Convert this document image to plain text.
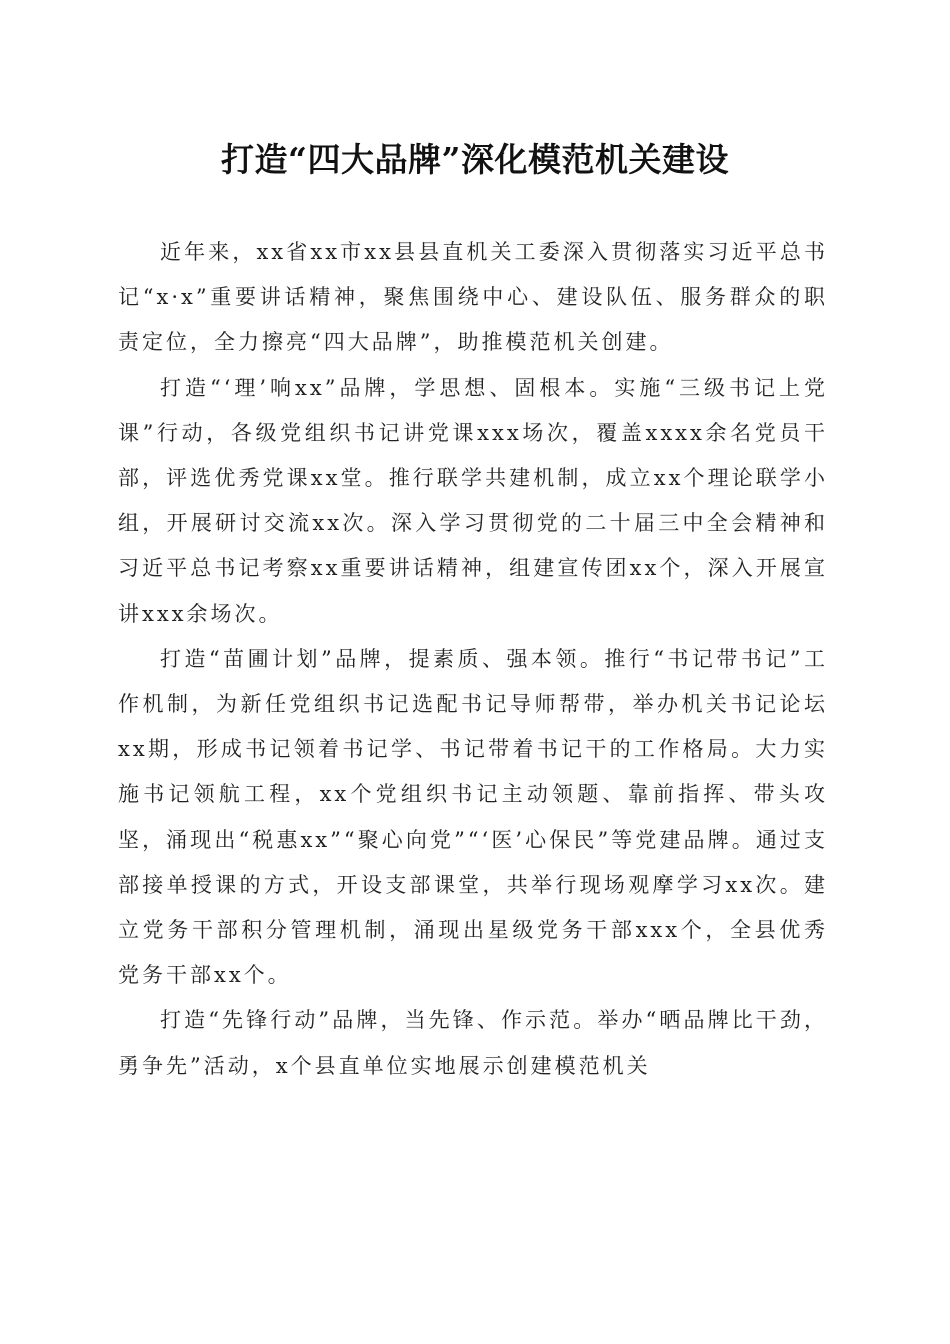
打造“四大品牌”深化模范机关建设

近年来，xx省xx市xx县县直机关工委深入贯彻落实习近平总书记“x·x”重要讲话精神，聚焦围绕中心、建设队伍、服务群众的职责定位，全力擦亮“四大品牌”，助推模范机关创建。

打造“‘理’响xx”品牌，学思想、固根本。实施“三级书记上党课”行动，各级党组织书记讲党课xxx场次，覆盖xxxx余名党员干部，评选优秀党课xx堂。推行联学共建机制，成立xx个理论联学小组，开展研讨交流xx次。深入学习贯彻党的二十届三中全会精神和习近平总书记考察xx重要讲话精神，组建宣传团xx个，深入开展宣讲xxx余场次。

打造“苗圃计划”品牌，提素质、强本领。推行“书记带书记”工作机制，为新任党组织书记选配书记导师帮带，举办机关书记论坛xx期，形成书记领着书记学、书记带着书记干的工作格局。大力实施书记领航工程，xx个党组织书记主动领题、靠前指挥、带头攻坚，涌现出“税惠xx”“聚心向党”“‘医’心保民”等党建品牌。通过支部接单授课的方式，开设支部课堂，共举行现场观摩学习xx次。建立党务干部积分管理机制，涌现出星级党务干部xxx个，全县优秀党务干部xx个。

打造“先锋行动”品牌，当先锋、作示范。举办“晒品牌比干劲，勇争先”活动，x个县直单位实地展示创建模范机关
